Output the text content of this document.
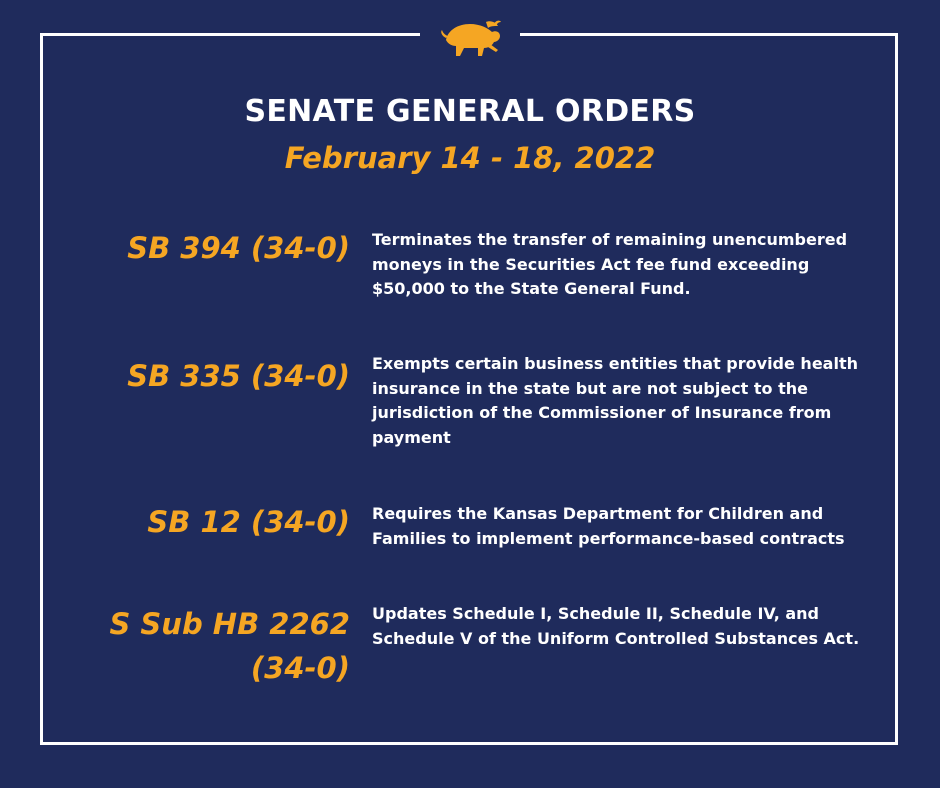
SENATE GENERAL ORDERS
February 14 - 18, 2022
SB 394 (34-0) Terminates the transfer of remaining unencumbered moneys in the Securities Act fee fund exceeding $50,000 to the State General Fund.
SB 335 (34-0) Exempts certain business entities that provide health insurance in the state but are not subject to the jurisdiction of the Commissioner of Insurance from payment
SB 12 (34-0) Requires the Kansas Department for Children and Families to implement performance-based contracts
S Sub HB 2262 (34-0)
Updates Schedule I, Schedule II, Schedule IV, and Schedule V of the Uniform Controlled Substances Act.
